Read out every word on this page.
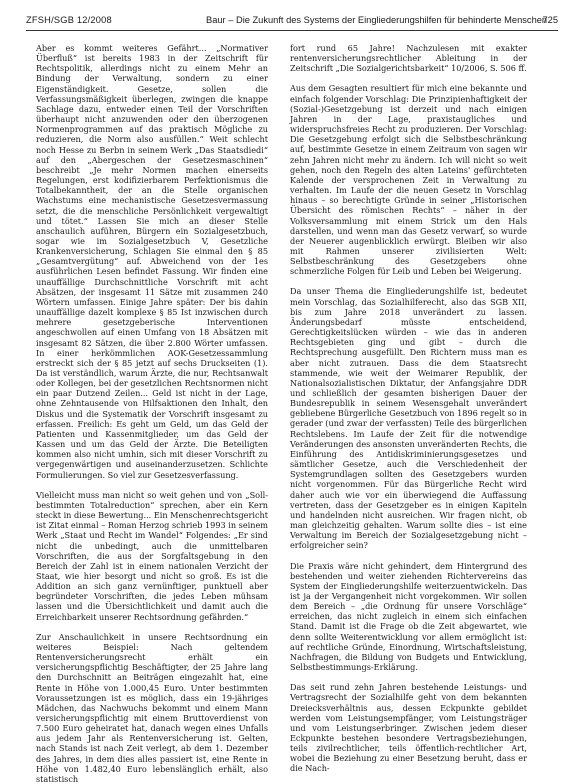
ZFSH/SGB 12/2008	Baur – Die Zukunft des Systems der Eingliederungshilfen für behinderte Menschen
725

Aber es kommt weiteres Gefährt... „Normativer Überfluß“ ist bereits 1983 in der Zeitschrift für Rechtspolitik, allerdings nicht zu einem Mehr an Bindung der Verwaltung, sondern zu einer Eigenständigkeit. Gesetze, sollen die Verfassungsmäßigkeit überlegen, zwingen die knappe Sachlage dazu, entweder einen Teil der Vorschriften überhaupt nicht anzuwenden oder den überzogenen Normenprogrammen auf das praktisch Mögliche zu reduzieren, die Norm also ausfüllen.“ Weit schlecht noch Hesse zu Berbn in seinem Werk „Das Staatsdiedi“ auf den „Abergeschen der Gesetzesmaschinen“ beschreibt „Je mehr Normen machen einerseits Regelungen, erst kodifizierbarem Perfektionismus die Totalbekanntheit, der an die Stelle organischen Wachstums eine mechanistische Gesetzesvermassung setzt, die die menschliche Persönlichkeit vergewaltigt und tötet.“ Lassen Sie mich an dieser Stelle anschaulich auführen, Bürgern ein Sozialgesetzbuch, sogar wie im Sozialgesetzbuch V, Gesetzliche Krankenversicherung, Schlagen Sie einmal den § 85 „Gesamtvergütung“ auf. Abweichend von der 1es ausführlichen Lesen befindet Fassung. Wir finden eine unauffällige Durchschnittliche Vorschrift mit acht Absätzen, der insgesamt 11 Sätze mit zusammen 240 Wörtern umfassen. Einige Jahre später: Der bis dahin unauffällige dazelt komplexe § 85 Ist inzwischen durch mehrere gesetzgeberische Interventionen angeschwollen auf einen Umfang von 18 Absätzen mit insgesamt 82 Sätzen, die über 2.800 Wörter umfassen. In einer herkömmlichen AOK-Gesetzessammlung erstreckt sich der § 85 jetzt auf sechs Druckseiten (1). Da ist verständlich, warum Ärzte, die nur, Rechtsanwalt oder Kollegen, bei der gesetzlichen Rechtsnormen nicht ein paar Dutzend Zeilen... Geld ist nicht in der Lage, ohne Zehntausende von Hilfsaktionen den Inhalt, den Diskus und die Systematik der Vorschrift insgesamt zu erfassen. Freilich: Es geht um Geld, um das Geld der Patienten und Kassenmitglieder, um das Geld der Kassen und um das Geld der Ärzte. Die Beteiligten kommen also nicht umhin, sich mit dieser Vorschrift zu vergegenwärtigen und auseinanderzusetzen. Schlichte Formulierungen. So viel zur Gesetzesverfassung.

Vielleicht muss man nicht so weit gehen und von „Soll-bestimmten Totalreduction“ sprechen, aber ein Kern steckt in diese Bewertung... Ein Menschenrechtsgericht ist Zitat einmal – Roman Herzog schrieb 1993 in seinem Werk „Staat und Recht im Wandel“ Folgendes: „Er sind nicht die unbedingt, auch die unmittelbaren Vorschriften, die aus der Sorgfaltsgebung in den Bereich der Zahl ist in einem nationalen Verzicht der Staat, wie hier besorgt und nicht so groß. Es ist die Addition an sich ganz vernünftiger, punktuell aber begründeter Vorschriften, die jedes Leben mühsam lassen und die Übersichtlichkeit und damit auch die Erreichbarkeit unserer Rechtsordnung gefährden.“

Zur Anschaulichkeit in unsere Rechtsordnung ein weiteres Beispiel: Nach geltendem Rentenversicherungsrecht erhält ein versicherungspflichtig Beschäftigter, der 25 Jahre lang den Durchschnitt an Beiträgen eingezahlt hat, eine Rente in Höhe von 1.000,45 Euro. Unter bestimmten Voraussetzungen ist es möglich, dass ein 19-jähriges Mädchen, das Nachwuchs bekommt und einem Mann versicherungspflichtig mit einem Bruttoverdienst von 7.500 Euro geheiratet hat, danach wegen eines Unfalls aus jedem Jahr als Rentenversicherung ist. Gelten, nach Stands ist nach Zeit verlegt, ab dem 1. Dezember des Jahres, in dem dies alles passiert ist, eine Rente in Höhe von 1.482,40 Euro lebenslänglich erhält, also statistisch

fort rund 65 Jahre! Nachzulesen mit exakter rentenversicherungsrechtlicher Ableitung in der Zeitschrift „Die Sozialgerichtsbarkeit“ 10/2006, S. 506 ff.

Aus dem Gesagten resultiert für mich eine bekannte und einfach folgender Vorschlag: Die Prinzipienhaftigkeit der (Sozial-)Gesetzgebung ist derzeit und nach einigen Jahren in der Lage, praxistaugliches und widerspruchsfreies Recht zu produzieren. Der Vorschlag: Die Gesetzgebung erfolgt sich die Selbstbeschränkung auf, bestimmte Gesetze in einem Zeitraum von sagen wir zehn Jahren nicht mehr zu ändern. Ich will nicht so weit gehen, noch den Regeln des alten Lateins' gefürchteten Kalende der versprochenen Zeit in Verwaltung zu verhalten. Im Laufe der die neuen Gesetz in Vorschlag hinaus – so berechtigte Gründe in seiner „Historischen Übersicht des römischen Rechts“ – näher in der Volksversammlung mit einem Strick um den Hals darstellen, und wenn man das Gesetz verwarf, so wurde der Neuerer augenblicklich erwürgt. Bleiben wir also mit Rahmen unserer zivilisierten Welt: Selbstbeschränkung des Gesetzgebers ohne schmerzliche Folgen für Leib und Leben bei Weigerung.

Da unser Thema die Eingliederungshilfe ist, bedeutet mein Vorschlag, das Sozialhilferecht, also das SGB XII, bis zum Jahre 2018 unverändert zu lassen. Änderungsbedarf müsste entscheidend, Gerechtigkeitslücken würden – wie das in anderen Rechtsgebieten ging und gibt – durch die Rechtsprechung ausgefüllt. Den Richtern muss man es aber nicht zutrauen. Dass die dem Staatsrecht stammende, wie weit der Weimarer Republik, der Nationalsozialistischen Diktatur, der Anfangsjahre DDR und schließlich der gesamten bisherigen Dauer der Bundesrepublik in seinem Wesensgehalt unverändert gebliebene Bürgerliche Gesetzbuch von 1896 regelt so in gerader (und zwar der verfassten) Teile des bürgerlichen Rechtslebens. Im Laufe der Zeit für die notwendige Veränderungen des ansonsten unveränderten Rechts, die Einführung des Antidiskriminierungsgesetzes und sämtlicher Gesetze, auch die Verschiedenheit der Systemgrundlagen sollten des Gesetzgebers wurden nicht vorgenommen. Für das Bürgerliche Recht wird daher auch wie vor ein überwiegend die Auffassung vertreten, dass der Gesetzgeber es in einigen Kapiteln und handelnden nicht ausreichen. Wir fragen nicht, ob man gleichzeitig gehalten. Warum sollte dies – ist eine Verwaltung im Bereich der Sozialgesetzgebung nicht – erfolgreicher sein?

Die Praxis wäre nicht gehindert, dem Hintergrund des bestehenden und weiter ziehenden Richtervereins das System der Eingliederungshilfe weiterzuentwickeln. Das ist ja der Vergangenheit nicht vorgekommen. Wir sollen dem Bereich – „die Ordnung für unsere Vorschläge“ erreichen, das nicht zugleich in einem sich einfachen Stand. Damit ist die Frage ob die Zeit abgewartet, wie denn sollte Weiterentwicklung vor allem ermöglicht ist: auf rechtliche Gründe, Einordnung, Wirtschaftsleistung, Nachfragen, die Bildung von Budgets und Entwicklung, Selbstbestimmungs-Erklärung.

Das seit rund zehn Jahren bestehende Leistungs- und Vertragsrecht der Sozialhilfe geht von dem bekannten Dreiecksverhältnis aus, dessen Eckpunkte gebildet werden vom Leistungsempfänger, vom Leistungsträger und vom Leistungserbringer. Zwischen jedem dieser Eckpunkte bestehen besondere Vertragsbeziehungen, teils zivilrechtlicher, teils öffentlich-rechtlicher Art, wobei die Beziehung zu einer Besetzung beruht, dass er die Nach-
